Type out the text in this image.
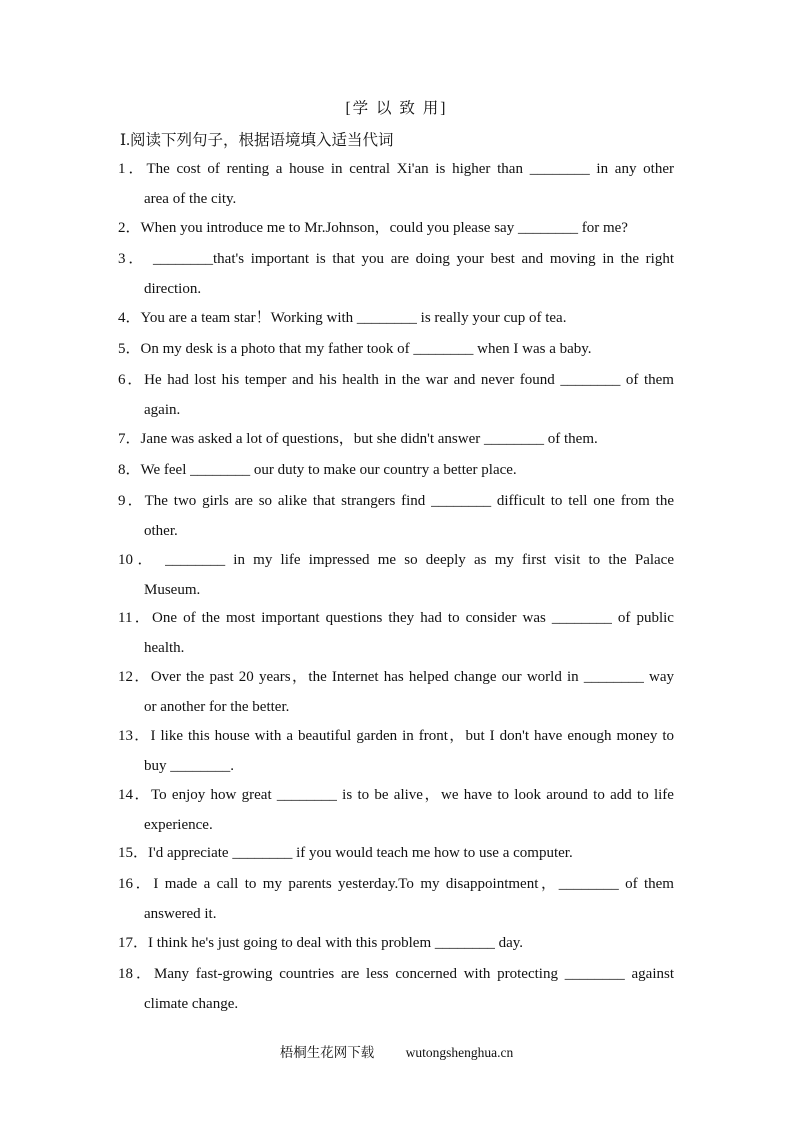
[学 以 致 用]
Ⅰ.阅读下列句子，根据语境填入适当代词
1．The cost of renting a house in central Xi'an is higher than ________ in any other
area of the city.
2．When you introduce me to Mr.Johnson，could you please say ________ for me?
3． ________that's important is that you are doing your best and moving in the right
direction.
4．You are a team star！Working with ________ is really your cup of tea.
5．On my desk is a photo that my father took of ________ when I was a baby.
6．He had lost his temper and his health in the war and never found ________ of them
again.
7．Jane was asked a lot of questions，but she didn't answer ________ of them.
8．We feel ________ our duty to make our country a better place.
9．The two girls are so alike that strangers find ________ difficult to tell one from the
other.
10． ________ in my life impressed me so deeply as my first visit to the Palace
Museum.
11．One of the most important questions they had to consider was ________ of public
health.
12．Over the past 20 years，the Internet has helped change our world in ________ way
or another for the better.
13．I like this house with a beautiful garden in front，but I don't have enough money to
buy ________.
14．To enjoy how great ________ is to be alive，we have to look around to add to life
experience.
15．I'd appreciate ________ if you would teach me how to use a computer.
16．I made a call to my parents yesterday.To my disappointment，________ of them
answered it.
17．I think he's just going to deal with this problem ________ day.
18．Many fast-growing countries are less concerned with protecting ________ against
climate change.
梧桐生花网下载 wutongshenghua.cn
